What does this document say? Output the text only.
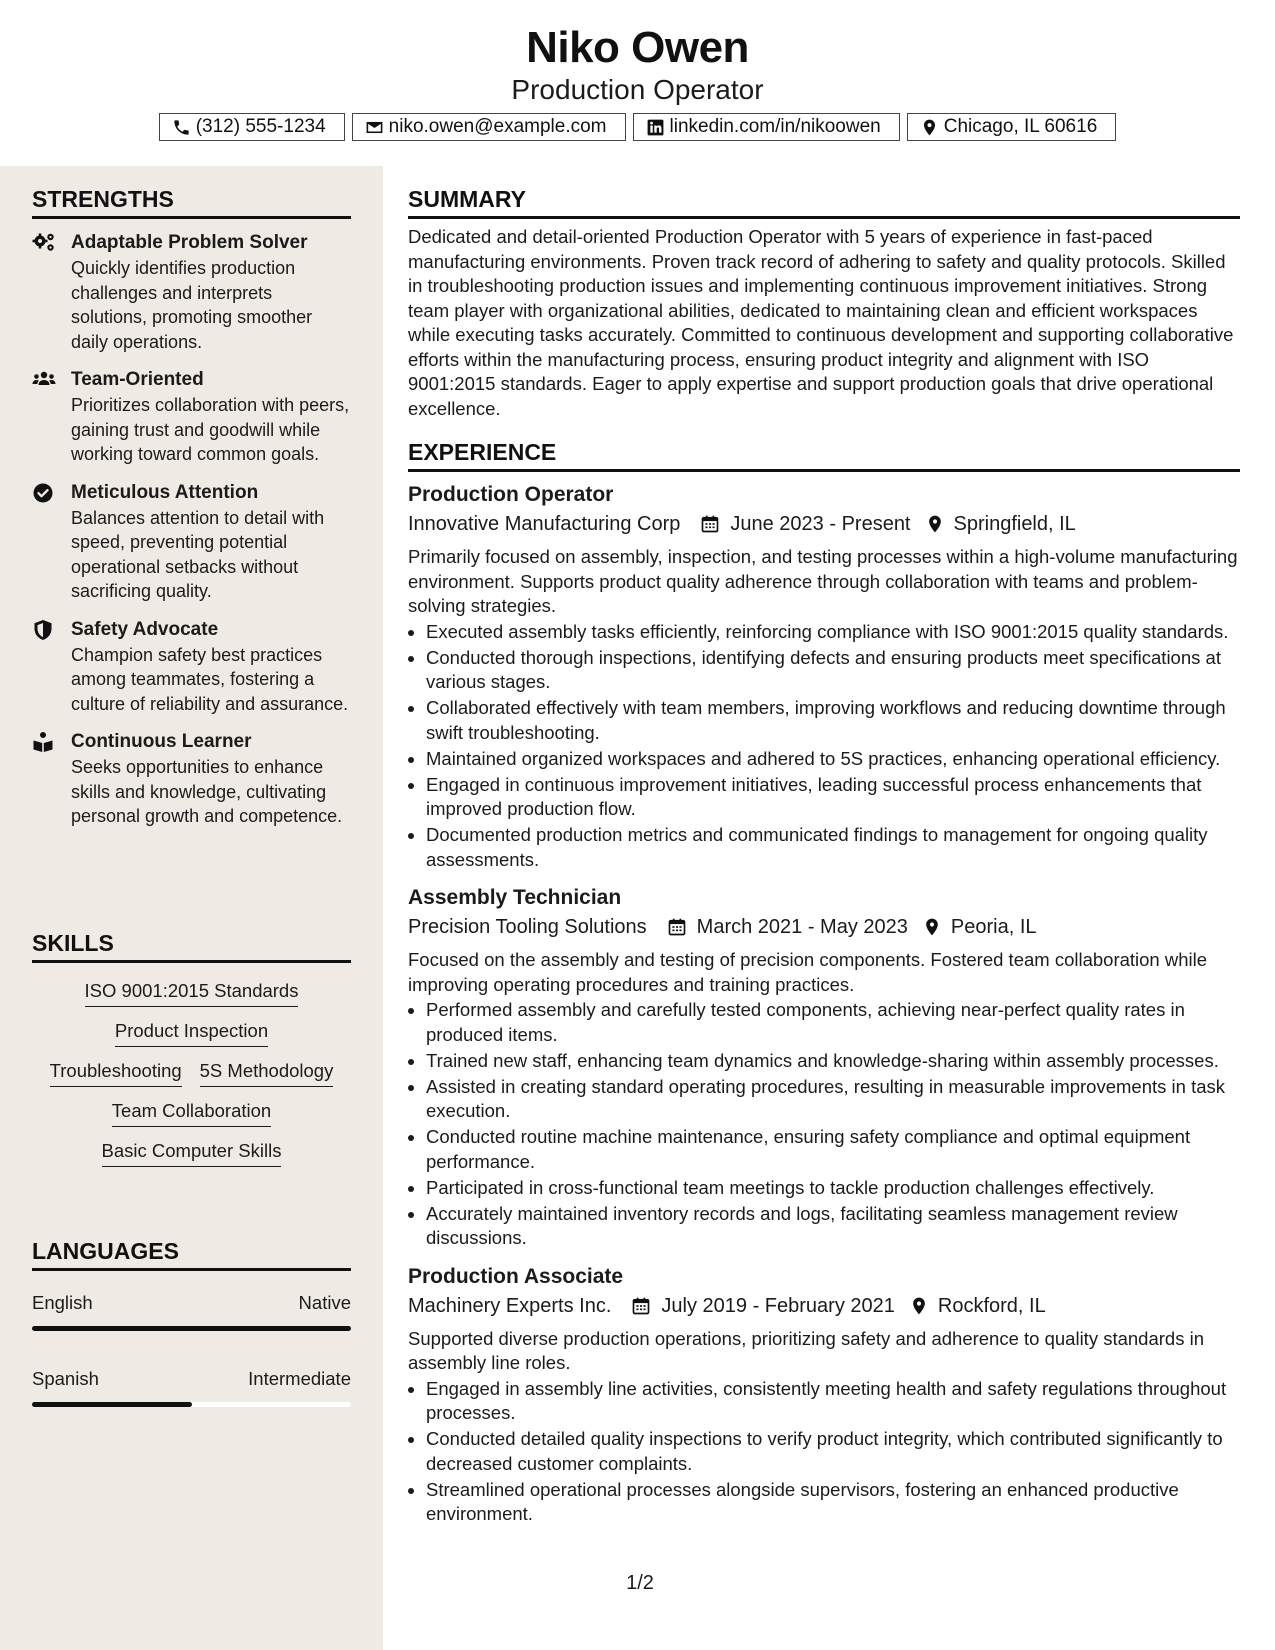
Niko Owen
Production Operator
(312) 555-1234	niko.owen@example.com	linkedin.com/in/nikoowen	Chicago, IL 60616
STRENGTHS
Adaptable Problem Solver
Quickly identifies production challenges and interprets solutions, promoting smoother daily operations.
Team-Oriented
Prioritizes collaboration with peers, gaining trust and goodwill while working toward common goals.
Meticulous Attention
Balances attention to detail with speed, preventing potential operational setbacks without sacrificing quality.
Safety Advocate
Champion safety best practices among teammates, fostering a culture of reliability and assurance.
Continuous Learner
Seeks opportunities to enhance skills and knowledge, cultivating personal growth and competence.
SKILLS
ISO 9001:2015 Standards
Product Inspection
Troubleshooting 5S Methodology
Team Collaboration
Basic Computer Skills
LANGUAGES
English	Native
Spanish	Intermediate
SUMMARY
Dedicated and detail-oriented Production Operator with 5 years of experience in fast-paced manufacturing environments. Proven track record of adhering to safety and quality protocols. Skilled in troubleshooting production issues and implementing continuous improvement initiatives. Strong team player with organizational abilities, dedicated to maintaining clean and efficient workspaces while executing tasks accurately. Committed to continuous development and supporting collaborative efforts within the manufacturing process, ensuring product integrity and alignment with ISO 9001:2015 standards. Eager to apply expertise and support production goals that drive operational excellence.
EXPERIENCE
Production Operator
Innovative Manufacturing Corp	June 2023 - Present Springfield, IL
Primarily focused on assembly, inspection, and testing processes within a high-volume manufacturing environment. Supports product quality adherence through collaboration with teams and problem-solving strategies.
• Executed assembly tasks efficiently, reinforcing compliance with ISO 9001:2015 quality standards.
• Conducted thorough inspections, identifying defects and ensuring products meet specifications at various stages.
• Collaborated effectively with team members, improving workflows and reducing downtime through swift troubleshooting.
• Maintained organized workspaces and adhered to 5S practices, enhancing operational efficiency.
• Engaged in continuous improvement initiatives, leading successful process enhancements that improved production flow.
• Documented production metrics and communicated findings to management for ongoing quality assessments.
Assembly Technician
Precision Tooling Solutions	March 2021 - May 2023 Peoria, IL
Focused on the assembly and testing of precision components. Fostered team collaboration while improving operating procedures and training practices.
• Performed assembly and carefully tested components, achieving near-perfect quality rates in produced items.
• Trained new staff, enhancing team dynamics and knowledge-sharing within assembly processes.
• Assisted in creating standard operating procedures, resulting in measurable improvements in task execution.
• Conducted routine machine maintenance, ensuring safety compliance and optimal equipment performance.
• Participated in cross-functional team meetings to tackle production challenges effectively.
• Accurately maintained inventory records and logs, facilitating seamless management review discussions.
Production Associate
Machinery Experts Inc.	July 2019 - February 2021 Rockford, IL
Supported diverse production operations, prioritizing safety and adherence to quality standards in assembly line roles.
• Engaged in assembly line activities, consistently meeting health and safety regulations throughout processes.
• Conducted detailed quality inspections to verify product integrity, which contributed significantly to decreased customer complaints.
• Streamlined operational processes alongside supervisors, fostering an enhanced productive environment.
1/2
